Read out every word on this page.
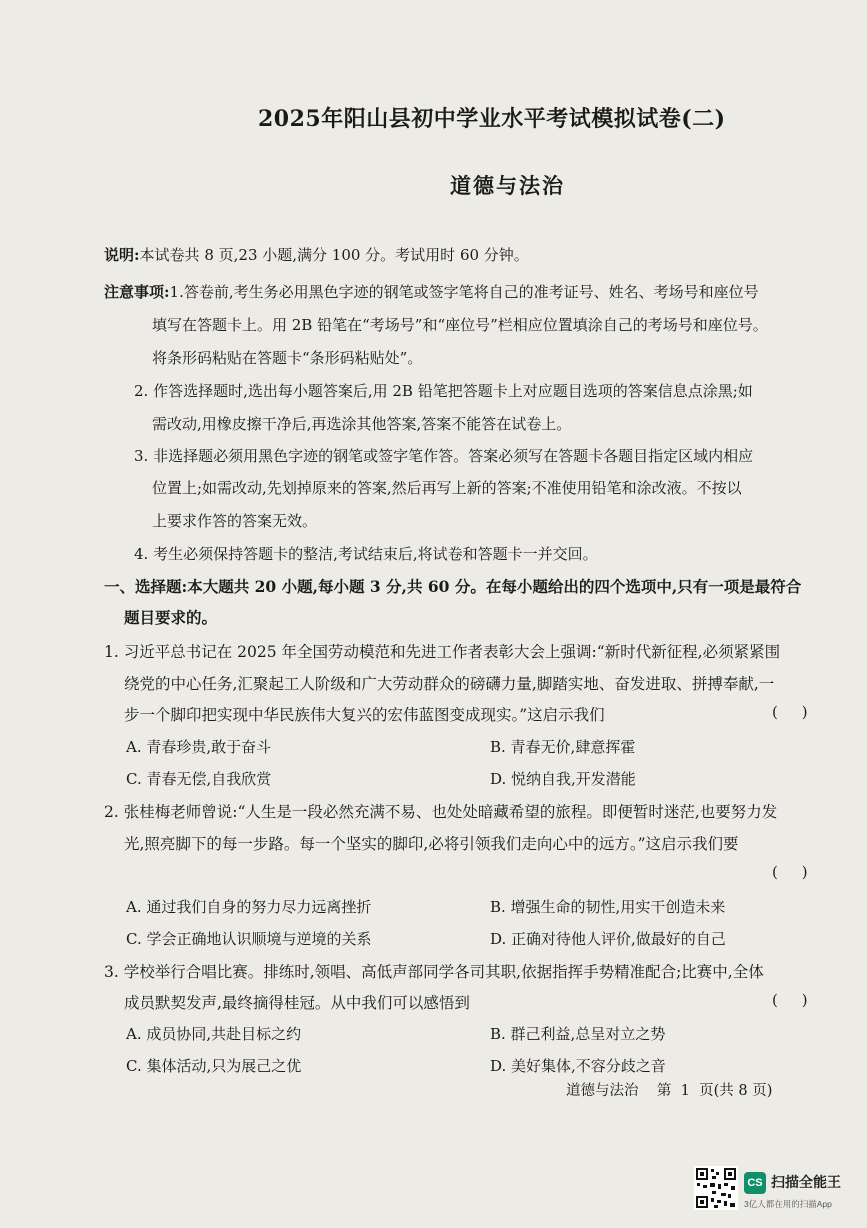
2025年阳山县初中学业水平考试模拟试卷(二)
道德与法治
说明:本试卷共 8 页,23 小题,满分 100 分。考试用时 60 分钟。
注意事项:1.答卷前,考生务必用黑色字迹的钢笔或签字笔将自己的准考证号、姓名、考场号和座位号
填写在答题卡上。用 2B 铅笔在“考场号”和“座位号”栏相应位置填涂自己的考场号和座位号。
将条形码粘贴在答题卡“条形码粘贴处”。
2. 作答选择题时,选出每小题答案后,用 2B 铅笔把答题卡上对应题目选项的答案信息点涂黑;如
需改动,用橡皮擦干净后,再选涂其他答案,答案不能答在试卷上。
3. 非选择题必须用黑色字迹的钢笔或签字笔作答。答案必须写在答题卡各题目指定区域内相应
位置上;如需改动,先划掉原来的答案,然后再写上新的答案;不准使用铅笔和涂改液。不按以
上要求作答的答案无效。
4. 考生必须保持答题卡的整洁,考试结束后,将试卷和答题卡一并交回。
一、选择题:本大题共 20 小题,每小题 3 分,共 60 分。在每小题给出的四个选项中,只有一项是最符合
题目要求的。
1. 习近平总书记在 2025 年全国劳动模范和先进工作者表彰大会上强调:“新时代新征程,必须紧紧围
绕党的中心任务,汇聚起工人阶级和广大劳动群众的磅礴力量,脚踏实地、奋发进取、拼搏奉献,一
步一个脚印把实现中华民族伟大复兴的宏伟蓝图变成现实。”这启示我们	(     )
A. 青春珍贵,敢于奋斗	B. 青春无价,肆意挥霍
C. 青春无偿,自我欣赏	D. 悦纳自我,开发潜能
2. 张桂梅老师曾说:“人生是一段必然充满不易、也处处暗藏希望的旅程。即便暂时迷茫,也要努力发
光,照亮脚下的每一步路。每一个坚实的脚印,必将引领我们走向心中的远方。”这启示我们要
(     )
A. 通过我们自身的努力尽力远离挫折	B. 增强生命的韧性,用实干创造未来
C. 学会正确地认识顺境与逆境的关系	D. 正确对待他人评价,做最好的自己
3. 学校举行合唱比赛。排练时,领唱、高低声部同学各司其职,依据指挥手势精准配合;比赛中,全体
成员默契发声,最终摘得桂冠。从中我们可以感悟到	(     )
A. 成员协同,共赴目标之约	B. 群己利益,总呈对立之势
C. 集体活动,只为展己之优	D. 美好集体,不容分歧之音
道德与法治    第  1  页(共 8 页)
CS 扫描全能王
3亿人都在用的扫描App
